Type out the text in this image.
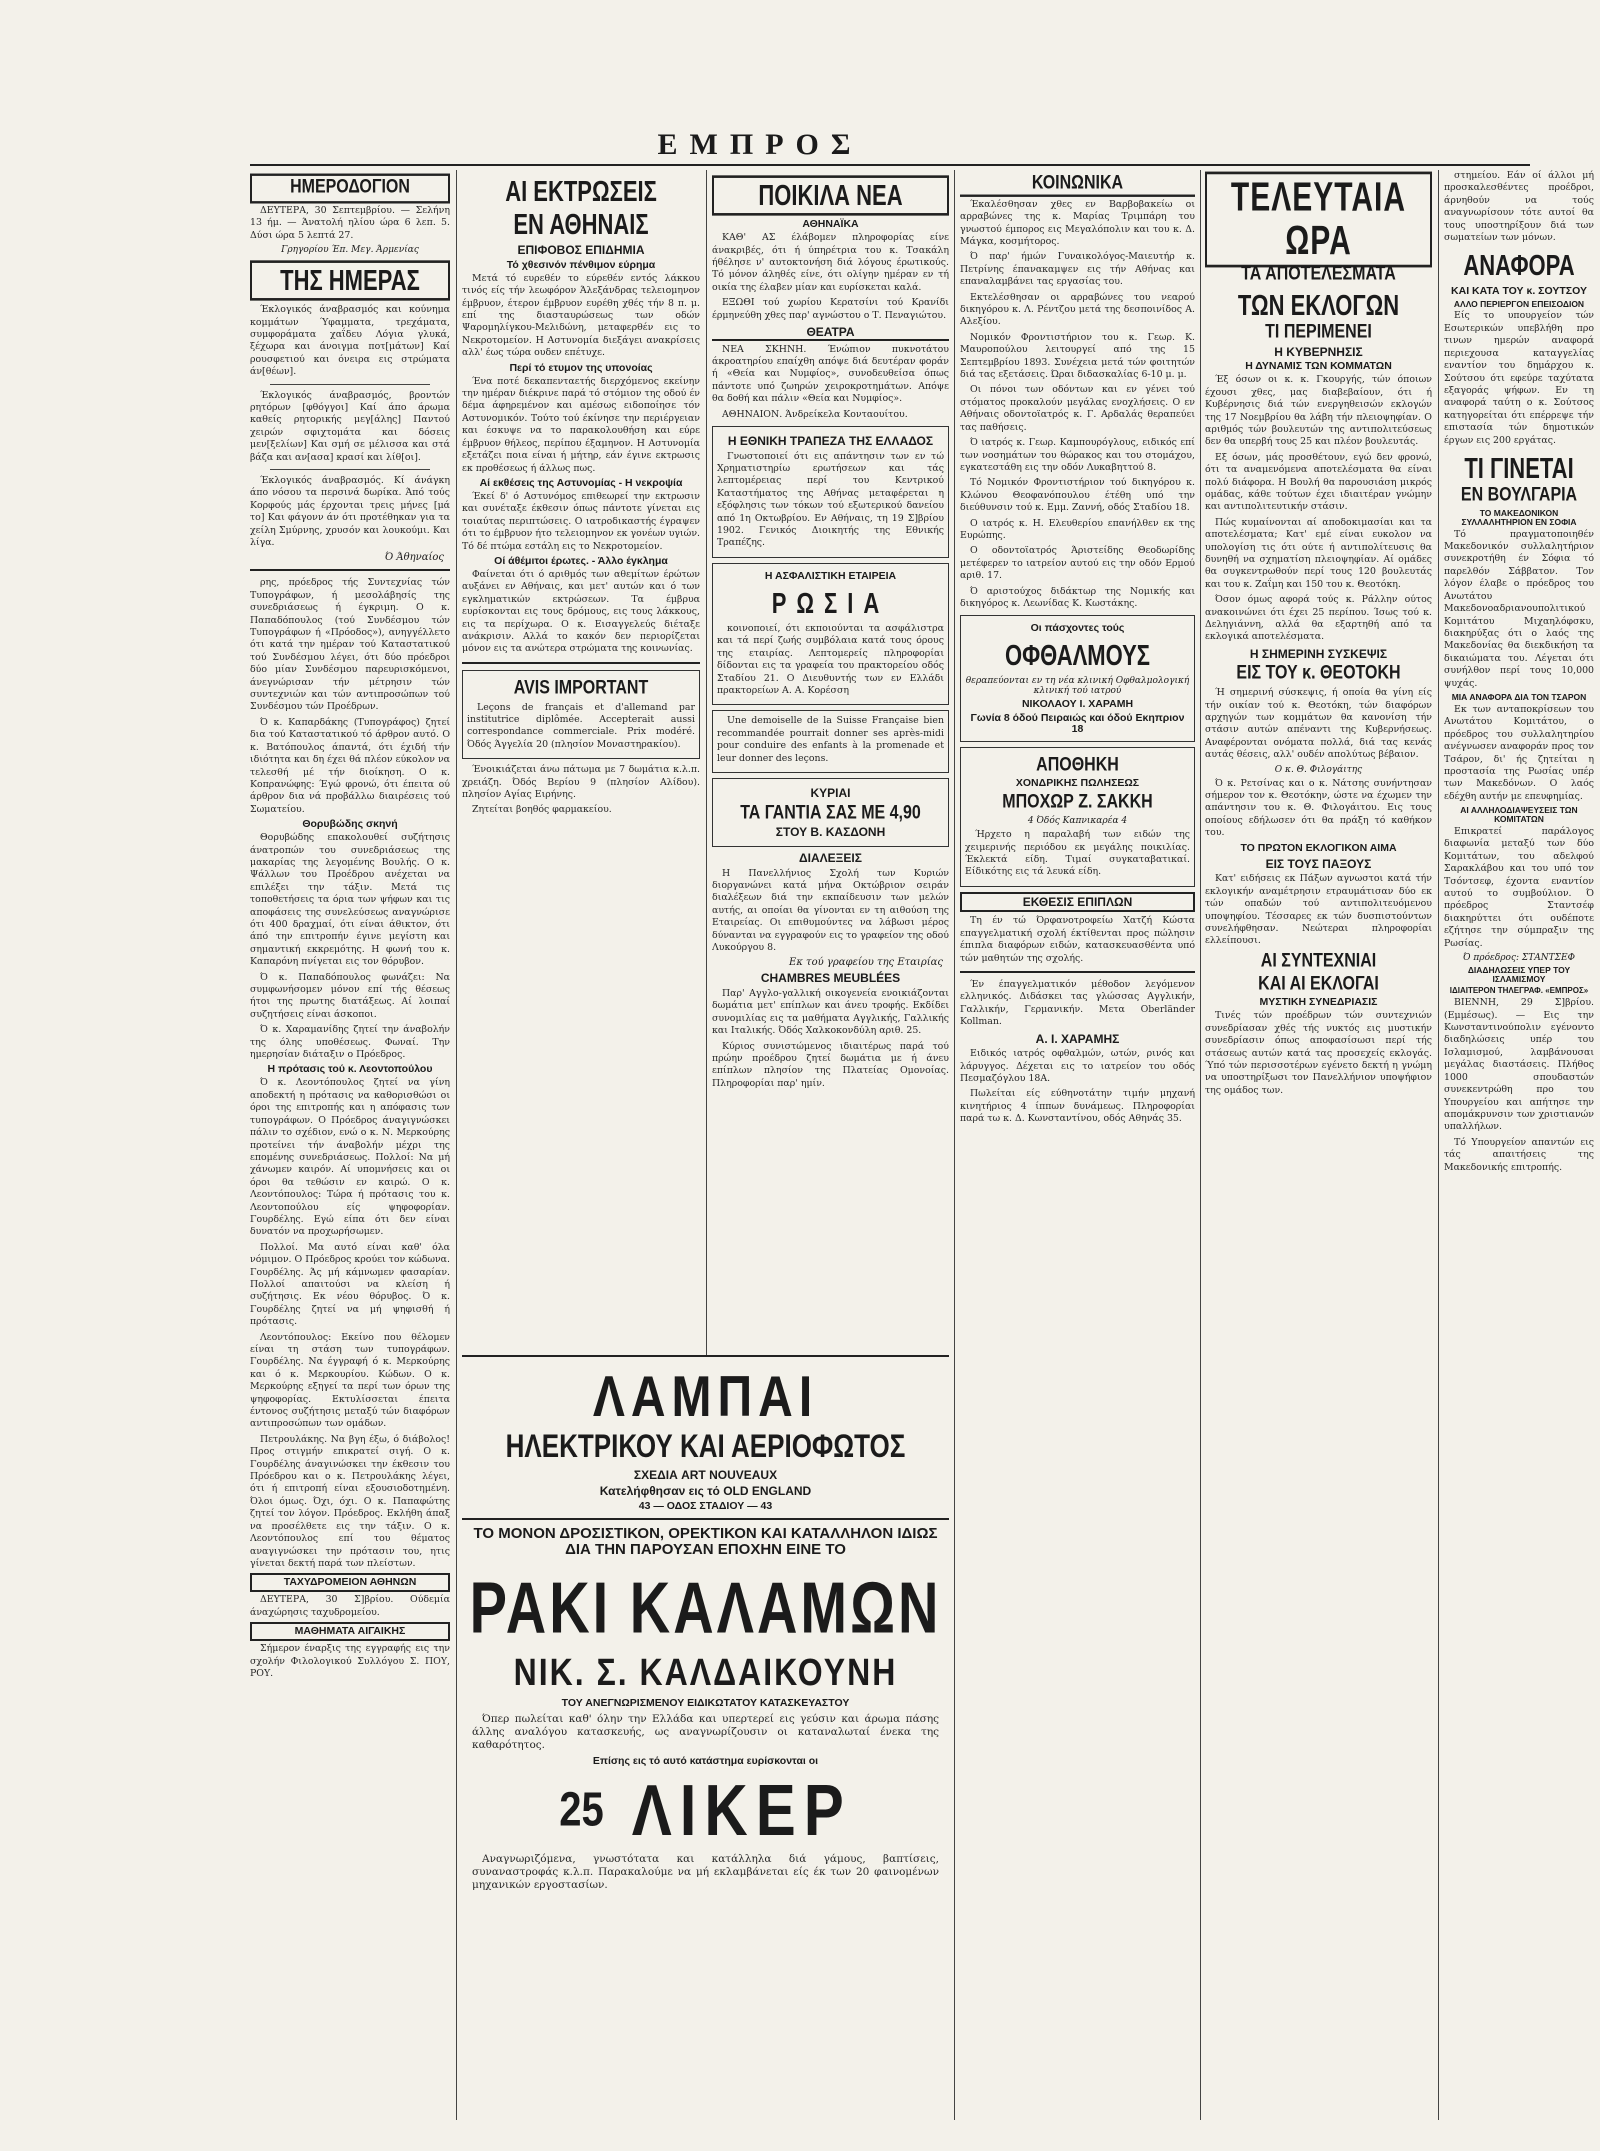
ΕΜΠΡΟΣ
ΗΜΕΡΟΔΟΓΙΟΝ

ΔΕΥΤΕΡΑ, 30 Σεπτεμβρίου. — Σελήνη 13 ήμ. — Άνατολή ηλίου ώρα 6 λεπ. 5. Δύσι ώρα 5 λεπτά 27.

Γρηγορίου Έπ. Μεγ. Άρμενίας
ΤΗΣ ΗΜΕΡΑΣ

Έκλογικός άναβρασμός και κούνημα κομμάτων Ύφαμματα, τρεχάματα, συμφοράματα χαΐδευ Λόγια γλυκά, ξέχωρα και άνοιγμα ποτ[μάτων] Καί ρουσφετιού και όνειρα εις στρώματα άν[θέων].

Έκλογικός άναβρασμός, βροντών ρητόρων [φθόγγοι] Καί άπο άρωμα καθείς ρητορικής μεγ[άλης] Παντού χειρών σφιχτομάτα και δόσεις μεν[ξελίων] Και σμή σε μέλισσα και στά βάζα και αν[ασα] κρασί και λίθ[οι].

Έκλογικός άναβρασμός. Κί άνάγκη άπο νόσου τα περσινά δωρίκα. Άπό τούς Κορφούς μάς έρχονται τρεις μήνες [μά το] Και φάγονν άν ότι προτέθηκαν για τα χείλη Σμύρνης, χρυσόν και λουκούμι. Και λίγα.

Ό Άθηναίος

ρης, πρόεδρος τής Συντεχνίας τών Τυπογράφων, ή μεσολάβησίς της συνεδριάσεως ή έγκριμη. Ο κ. Παπαδόπουλος (τού Συνδέσμου τών Τυπογράφων ή «Πρόοδος»), ανηγγέλλετο ότι κατά την ημέραν τού Καταστατικού τού Συνδέσμου λέγει, ότι δύο πρόεδροι δύο μίαν Συνδέσμου παρευρισκόμενοι, άνεγνώρισαν τήν μέτρησιν τών συντεχνιών και τών αντιπροσώπων τού Συνδέσμου τών Προέδρων.

Ό κ. Καπαρδάκης (Τυπογράφος) ζητεί δια τού Καταστατικού τό άρθρον αυτό. Ο κ. Βατόπουλος άπαντά, ότι έχιδή τήν ιδιότητα και δη έχει θά πλέον εύκολον να τελεσθή μέ τήν διοίκηση. Ο κ. Κοπρανώφης: Έγώ φρονώ, ότι έπειτα ού άρθρον δια νά προβάλλω διαιρέσεις τού Σωματείου.

Θορυβώδης σκηνή

Θορυβώδης επακολουθεί συζήτησις άνατροπών του συνεδριάσεως της μακαρίας της λεγομένης Βουλής. Ο κ. Ψάλλων του Προέδρου ανέχεται να επιλέξει την τάξιν. Μετά τις τοποθετήσεις τα όρια των ψήφων και τις αποφάσεις της συνελεύσεως αναγνώρισε ότι 400 δραχμαί, ότι είναι άθικτον, ότι άπό την επιτροπήν έγινε μεγίστη και σημαντική εκκρεμότης. Η φωνή του κ. Καπαρόνη πνίγεται εις τον θόρυβον.

Ό κ. Παπαδόπουλος φωνάζει: Να συμφωνήσομεν μόνον επί τής θέσεως ήτοι της πρωτης διατάξεως. Αί λοιπαί συζητήσεις είναι άσκοποι.

Ό κ. Χαραμανίδης ζητεί την άναβολήν της όλης υποθέσεως. Φωναί. Την ημερησίαν διάταξιν ο Πρόεδρος.

Η πρότασις τού κ. Λεοντοπούλου

Ό κ. Λεοντόπουλος ζητεί να γίνη αποδεκτή η πρότασις να καθορισθώσι οι όροι της επιτροπής και η απόφασις των τυπογράφων. Ο Πρόεδρος άναγιγνώσκει πάλιν το σχέδιον, ενώ ο κ. Ν. Μερκούρης προτείνει τήν άναβολήν μέχρι της επομένης συνεδριάσεως. Πολλοί: Να μή χάνωμεν καιρόν. Αί υπομνήσεις και οι όροι θα τεθώσιν εν καιρώ. Ο κ. Λεοντόπουλος: Τώρα ή πρότασις του κ. Λεοντοπούλου είς ψηφοφορίαν. Γουρδέλης. Εγώ είπα ότι δεν είναι δυνατόν να προχωρήσωμεν.

Πολλοί. Μα αυτό είναι καθ' όλα νόμιμον. Ο Πρόεδρος κρούει τον κώδωνα. Γουρδέλης. Άς μή κάμνωμεν φασαρίαν. Πολλοί απαιτούσι να κλείση ή συζήτησις. Εκ νέου θόρυβος. Ό κ. Γουρδέλης ζητεί να μή ψηφισθή ή πρότασις.

Λεοντόπουλος: Εκείνο που θέλομεν είναι τη στάση των τυπογράφων. Γουρδέλης. Να έγγραφή ό κ. Μερκούρης και ό κ. Μερκουρίου. Κώδων. Ο κ. Μερκούρης εξηγεί τα περί των όρων της ψηφοφορίας. Εκτυλίσσεται έπειτα έντονος συζήτησις μεταξύ τών διαφόρων αντιπροσώπων των ομάδων.

Πετρουλάκης. Να βγη έξω, ό διάβολος! Προς στιγμήν επικρατεί σιγή. Ο κ. Γουρδέλης άναγινώσκει την έκθεσιν του Πρόεδρου και ο κ. Πετρουλάκης λέγει, ότι ή επιτροπή είναι εξουσιοδοτημένη. Όλοι όμως. Όχι, όχι. Ο κ. Παπαφώτης ζητεί τον λόγον. Πρόεδρος. Εκλήθη άπαξ να προσέλθετε εις την τάξιν. Ο κ. Λεοντόπουλος επί του θέματος αναγιγνώσκει την πρότασιν του, ητις γίνεται δεκτή παρά των πλείστων.

ΤΑΧΥΔΡΟΜΕΙΟΝ ΑΘΗΝΩΝ

ΔΕΥΤΕΡΑ, 30 Σ]βρίου. Ούδεμία άναχώρησις ταχυδρομείου.

ΜΑΘΗΜΑΤΑ ΑΙΓΑΙΚΗΣ

Σήμερον έναρξις της εγγραφής εις την σχολήν Φιλολογικού Συλλόγου Σ. ΠΟΥ, ΡΟΥ.

ΑΙ ΕΚΤΡΩΣΕΙΣ
ΕΝ ΑΘΗΝΑΙΣ
ΕΠΙΦΟΒΟΣ ΕΠΙΔΗΜΙΑ
Τό χθεσινόν πένθιμον εύρημα

Μετά τό ευρεθέν το εύρεθέν εντός λάκκου τινός είς τήν λεωφόρον Άλεξάνδρας τελειομηνον έμβρυον, έτερον έμβρυον ευρέθη χθές τήν 8 π. μ. επί της διασταυρώσεως των οδών Ψαρομηλίγκου-Μελιδώνη, μεταφερθέν εις το Νεκροτομείον. Η Αστυνομία διεξάγει ανακρίσεις αλλ' έως τώρα ουδεν επέτυχε.

Περί τό ετυμον της υπονοίας

Ένα ποτέ δεκαπενταετής διερχόμενος εκείνην την ημέραν διέκρινε παρά τό στόμιον της οδού έν δέμα άφηρεμένον και αμέσως ειδοποίησε τόν Αστυνομικόν. Τούτο τού έκίνησε την περιέργειαν και έσκυψε να το παρακολουθήση και εύρε έμβρυον θήλεος, περίπου έξαμηνον. Η Αστυνομία εξετάζει ποια είναι ή μήτηρ, εάν έγινε εκτρωσις εκ προθέσεως ή άλλως πως.

Αί εκθέσεις της Αστυνομίας - Η νεκροψία

Έκεί δ' ό Αστυνόμος επιθεωρεί την εκτρωσιν και συνέταξε έκθεσιν όπως πάντοτε γίνεται εις τοιαύτας περιπτώσεις. Ο ιατροδικαστής έγραψεν ότι το έμβρυον ήτο τελειομηνον εκ γονέων υγιών. Τό δέ πτώμα εστάλη εις το Νεκροτομείον.

Οί άθέμιτοι έρωτες. - Άλλο έγκλημα

Φαίνεται ότι ό αριθμός των αθεμίτων έρώτων αυξάνει εν Αθήναις, και μετ' αυτών και ό των εγκληματικών εκτρώσεων. Τα έμβρυα ευρίσκονται εις τους δρόμους, εις τους λάκκους, εις τα περίχωρα. Ο κ. Εισαγγελεύς διέταξε ανάκρισιν. Αλλά το κακόν δεν περιορίζεται μόνον εις τα ανώτερα στρώματα της κοινωνίας.

AVIS IMPORTANT

Leçons de français et d'allemand par institutrice diplômée. Accepterait aussi correspondance commerciale. Prix modéré. Όδός Άγγελία 20 (πλησίον Μοναστηρακίου).

Ένοικιάζεται άνω πάτωμα με 7 δωμάτια κ.λ.π. χρειάζη. Όδός Βερίου 9 (πλησίον Αλίδου). πλησίον Αγίας Ειρήνης.

Ζητείται βοηθός φαρμακείου.

ΠΟΙΚΙΛΑ ΝΕΑ
ΑΘΗΝΑΪΚΑ

ΚΑΘ' ΑΣ έλάβομεν πληροφορίας είνε άνακριβές, ότι ή ύπηρέτρια του κ. Τσακάλη ήθέλησε ν' αυτοκτονήση διά λόγους έρωτικούς. Τό μόνον άληθές είνε, ότι ολίγην ημέραν εν τή οικία της έλαβεν μίαν και ευρίσκεται καλά.

ΕΞΩΘΙ τού χωρίου Κερατσίνι τού Κρανίδι έρμηνεύθη χθες παρ' αγνώστου ο Τ. Πεναγιώτου.

ΘΕΑΤΡΑ

ΝΕΑ ΣΚΗΝΗ. Ένώπιον πυκνοτάτου άκροατηρίου επαίχθη απόψε διά δευτέραν φοράν ή «Θεία και Νυμφίος», συνοδευθείσα όπως πάντοτε υπό ζωηρών χειροκροτημάτων. Απόψε θα δοθή και πάλιν «Θεία και Νυμφίος».

ΑΘΗΝΑΙΟΝ. Άνδρείκελα Κονταουίτου.

Η ΕΘΝΙΚΗ ΤΡΑΠΕΖΑ ΤΗΣ ΕΛΛΑΔΟΣ

Γνωστοποιεί ότι εις απάντησιν των εν τώ Χρηματιστηρίω ερωτήσεων και τάς λεπτομέρειας περί του Κεντρικού Καταστήματος της Αθήνας μεταφέρεται η εξόφλησις των τόκων τού εξωτερικού δανείου από 1η Οκτωβρίου. Εν Αθήναις, τη 19 Σ]βρίου 1902. Γενικός Διοικητής της Εθνικής Τραπέζης.

Η ΑΣΦΑΛΙΣΤΙΚΗ ΕΤΑΙΡΕΙΑ
ΡΩΣΙΑ

κοινοποιεί, ότι εκποιούνται τα ασφάλιστρα και τά περί ζωής συμβόλαια κατά τους όρους της εταιρίας. Λεπτομερείς πληροφορίαι δίδονται εις τα γραφεία του πρακτορείου οδός Σταδίου 21. Ο Διευθυντής των εν Ελλάδι πρακτορείων Α. Α. Κορέσση

Une demoiselle de la Suisse Française bien recommandée pourrait donner ses après-midi pour conduire des enfants à la promenade et leur donner des leçons.

ΚΥΡΙΑΙ
ΤΑ ΓΑΝΤΙΑ ΣΑΣ ΜΕ 4,90
ΣΤΟΥ Β. ΚΑΣΔΟΝΗ
ΔΙΑΛΕΞΕΙΣ

Η Πανελλήνιος Σχολή των Κυριών διοργανώνει κατά μήνα Οκτώβριον σειράν διαλέξεων διά την εκπαίδευσιν των μελών αυτής, αι οποίαι θα γίνονται εν τη αιθούση της Εταιρείας. Οι επιθυμούντες να λάβωσι μέρος δύνανται να εγγραφούν εις το γραφείον της οδού Λυκούργου 8.

Εκ τού γραφείου της Εταιρίας
CHAMBRES MEUBLÉES

Παρ' Αγγλο-γαλλική οικογενεία ενοικιάζονται δωμάτια μετ' επίπλων και άνευ τροφής. Εκδίδει συνομιλίας εις τα μαθήματα Αγγλικής, Γαλλικής και Ιταλικής. Όδός Χαλκοκονδύλη αριθ. 25.

Κύριος συνιστώμενος ιδιαιτέρως παρά τού πρώην προέδρου ζητεί δωμάτια με ή άνευ επίπλων πλησίον της Πλατείας Ομονοίας. Πληροφορίαι παρ' ημίν.

ΚΟΙΝΩΝΙΚΑ

Έκαλέσθησαν χθες εν Βαρβοβακείω οι αρραβώνες της κ. Μαρίας Τριμπάρη του γνωστού έμπορος εις Μεγαλόπολιν και του κ. Δ. Μάγκα, κοσμήτορος.

Ό παρ' ήμών Γυναικολόγος-Μαιευτήρ κ. Πετρίνης έπανακαμψεν εις τήν Αθήνας και επαναλαμβάνει τας εργασίας του.

Εκτελέσθησαν οι αρραβώνες του νεαρού δικηγόρου κ. Λ. Ρέντζου μετά της δεσποινίδος Α. Αλεξίου.

Νομικόν Φροντιστήριον του κ. Γεωρ. Κ. Μαυροπούλου λειτουργεί από της 15 Σεπτεμβρίου 1893. Συνέχεια μετά τών φοιτητών διά τας εξετάσεις. Ώραι διδασκαλίας 6-10 μ. μ.

Οι πόνοι των οδόντων και εν γένει τού στόματος προκαλούν μεγάλας ενοχλήσεις. Ο εν Αθήναις οδοντοϊατρός κ. Γ. Αρδαλάς θεραπεύει τας παθήσεις.

Ό ιατρός κ. Γεωρ. Καμπουρόγλους, ειδικός επί των νοσημάτων του θώρακος και του στομάχου, εγκατεστάθη εις την οδόν Λυκαβηττού 8.

Τό Νομικόν Φροντιστήριον τού δικηγόρου κ. Κλώνου Θεοφανόπουλου έτέθη υπό την διεύθυνσιν τού κ. Εμμ. Ζαννή, οδός Σταδίου 18.

Ο ιατρός κ. Η. Ελευθερίου επανήλθεν εκ της Ευρώπης.

Ο οδοντοϊατρός Άριστείδης Θεοδωρίδης μετέφερεν το ιατρείον αυτού εις την οδόν Ερμού αριθ. 17.

Ό αριστούχος διδάκτωρ της Νομικής και δικηγόρος κ. Λεωνίδας Κ. Κωστάκης.

Οι πάσχοντες τούς
ΟΦΘΑΛΜΟΥΣ
θεραπεύονται εν τη νέα κλινική Οφθαλμολογική κλινική τού ιατρού
ΝΙΚΟΛΑΟΥ Ι. ΧΑΡΑΜΗ
Γωνία 8 όδού Πειραιώς και όδού Εκηπριον 18
ΑΠΟΘΗΚΗ
ΧΟΝΔΡΙΚΗΣ ΠΩΛΗΣΕΩΣ
ΜΠΟΧΩΡ Ζ. ΣΑΚΚΗ
4 Όδός Καπνικαρέα 4

Ήρχετο η παραλαβή των ειδών της χειμερινής περιόδου εκ μεγάλης ποικιλίας. Έκλεκτά είδη. Τιμαί συγκαταβατικαί. Είδικότης εις τά λευκά είδη.

ΕΚΘΕΣΙΣ ΕΠΙΠΛΩΝ

Τη έν τώ Όρφανοτροφείω Χατζή Κώστα επαγγελματική σχολή έκτίθενται προς πώλησιν έπιπλα διαφόρων ειδών, κατασκευασθέντα υπό τών μαθητών της σχολής.

Έν έπαγγελματικόν μέθοδον λεγόμενον ελληνικός. Διδάσκει τας γλώσσας Αγγλικήν, Γαλλικήν, Γερμανικήν. Μετα Oberländer Kollman.

Α. Ι. ΧΑΡΑΜΗΣ

Ειδικός ιατρός οφθαλμών, ωτών, ρινός και λάρυγγος. Δέχεται εις το ιατρείον του οδός Πεσμαζόγλου 18Α.

Πωλείται είς εύθηνοτάτην τιμήν μηχανή κινητήριος 4 ίππων δυνάμεως. Πληροφορίαι παρά τω κ. Δ. Κωνσταντίνου, οδός Αθηνάς 35.

ΤΕΛΕΥΤΑΙΑ ΩΡΑ
ΤΑ ΑΠΟΤΕΛΕΣΜΑΤΑ
ΤΩΝ ΕΚΛΟΓΩΝ
ΤΙ ΠΕΡΙΜΕΝΕΙ
Η ΚΥΒΕΡΝΗΣΙΣ
Η ΔΥΝΑΜΙΣ ΤΩΝ ΚΟΜΜΑΤΩΝ

Έξ όσων οι κ. κ. Γκουργής, τών όποιων έχουσι χθες, μας διαβεβαίουν, ότι ή Κυβέρνησις διά τών ενεργηθεισών εκλογών της 17 Νοεμβρίου θα λάβη τήν πλειοψηφίαν. Ο αριθμός τών βουλευτών της αντιπολιτεύσεως δεν θα υπερβή τους 25 και πλέον βουλευτάς.

Εξ όσων, μάς προσθέτουν, εγώ δεν φρονώ, ότι τα αναμενόμενα αποτελέσματα θα είναι πολύ διάφορα. Η Βουλή θα παρουσιάση μικρός ομάδας, κάθε τούτων έχει ιδιαιτέραν γνώμην και αντιπολιτευτικήν στάσιν.

Πώς κυμαίνονται αί αποδοκιμασίαι και τα αποτελέσματα; Κατ' εμέ είναι ευκολον να υπολογίση τις ότι ούτε ή αντιπολίτευσις θα δυνηθή να σχηματίση πλειοψηφίαν. Αί ομάδες θα συγκεντρωθούν περί τους 120 βουλευτάς και του κ. Ζαΐμη και 150 του κ. Θεοτόκη.

Όσον όμως αφορά τούς κ. Ράλλην ούτος ανακοινώνει ότι έχει 25 περίπου. Ίσως τού κ. Δεληγιάννη, αλλά θα εξαρτηθή από τα εκλογικά αποτελέσματα.

Η ΣΗΜΕΡΙΝΗ ΣΥΣΚΕΨΙΣ
ΕΙΣ ΤΟΥ κ. ΘΕΟΤΟΚΗ

Ή σημερινή σύσκεψις, ή οποία θα γίνη είς τήν οικίαν τού κ. Θεοτόκη, τών διαφόρων αρχηγών των κομμάτων θα κανονίση τήν στάσιν αυτών απέναντι της Κυβερνήσεως. Αναφέρονται ονόματα πολλά, διά τας κενάς αυτάς θέσεις, αλλ' ουδέν απολύτως βέβαιον.

Ο κ. Θ. Φιλογάιτης

Ό κ. Ρετσίνας και ο κ. Νάτσης συνήντησαν σήμερον τον κ. Θεοτόκην, ώστε να έχωμεν την απάντησιν του κ. Θ. Φιλογάιτου. Εις τους οποίους εδήλωσεν ότι θα πράξη τό καθήκον του.

ΤΟ ΠΡΩΤΟΝ ΕΚΛΟΓΙΚΟΝ ΑΙΜΑ
ΕΙΣ ΤΟΥΣ ΠΑΞΟΥΣ

Κατ' ειδήσεις εκ Πάξων αγνωστοι κατά τήν εκλογικήν αναμέτρησιν ετραυμάτισαν δύο εκ τών οπαδών τού αντιπολιτευόμενου υποψηφίου. Τέσσαρες εκ τών δυσπιστούντων συνελήφθησαν. Νεώτεραι πληροφορίαι ελλείπουσι.

ΑΙ ΣΥΝΤΕΧΝΙΑΙ
ΚΑΙ ΑΙ ΕΚΛΟΓΑΙ
ΜΥΣΤΙΚΗ ΣΥΝΕΔΡΙΑΣΙΣ

Τινές τών προέδρων τών συντεχνιών συνεδρίασαν χθές τής νυκτός εις μυστικήν συνεδρίασιν όπως αποφασίσωσι περί τής στάσεως αυτών κατά τας προσεχείς εκλογάς. Ύπό τών περισσοτέρων εγένετο δεκτή η γνώμη να υποστηρίξωσι τον Πανελλήνιον υποψήφιον της ομάδος των.

στημείου. Εάν οί άλλοι μή προσκαλεσθέντες προέδροι, άρνηθούν να τούς αναγνωρίσουν τότε αυτοί θα τους υποστηρίξουν διά των σωματείων των μόνων.

ΑΝΑΦΟΡΑ
ΚΑΙ ΚΑΤΑ ΤΟΥ κ. ΣΟΥΤΣΟΥ
ΑΛΛΟ ΠΕΡΙΕΡΓΟΝ ΕΠΕΙΣΟΔΙΟΝ

Είς το υπουργείον τών Εσωτερικών υπεβλήθη προ τινων ημερών αναφορά περιεχουσα καταγγελίας εναντίον του δημάρχου κ. Σούτσου ότι εφεύρε ταχύτατα εξαγοράς ψήφων. Εν τη αναφορά ταύτη ο κ. Σούτσος κατηγορείται ότι επέρρεψε τήν επιστασία τών δημοτικών έργων εις 200 εργάτας.

ΤΙ ΓΙΝΕΤΑΙ
ΕΝ ΒΟΥΛΓΑΡΙΑ
ΤΟ ΜΑΚΕΔΟΝΙΚΟΝ ΣΥΛΛΑΛΗΤΗΡΙΟΝ ΕΝ ΣΟΦΙΑ

Τό πραγματοποιηθέν Μακεδονικόν συλλαλητήριον συνεκροτήθη έν Σόφια τό παρελθόν Σάββατον. Τον λόγον έλαβε ο πρόεδρος του Ανωτάτου Μακεδονοαδριανουπολιτικού Κομιτάτου Μιχαηλόφσκυ, διακηρύξας ότι ο λαός της Μακεδονίας θα διεκδικήση τα δικαιώματα του. Λέγεται ότι συνήλθον περί τους 10,000 ψυχάς.

ΜΙΑ ΑΝΑΦΟΡΑ ΔΙΑ ΤΟΝ ΤΣΑΡΟΝ

Εκ των ανταποκρίσεων του Ανωτάτου Κομιτάτου, ο πρόεδρος του συλλαλητηρίου ανέγνωσεν αναφοράν προς τον Τσάρον, δι' ής ζητείται η προστασία της Ρωσίας υπέρ των Μακεδόνων. Ο λαός εδέχθη αυτήν με επευφημίας.

ΑΙ ΑΛΛΗΛΟΔΙΑΨΕΥΣΕΙΣ ΤΩΝ ΚΟΜΙΤΑΤΩΝ

Επικρατεί παράλογος διαφωνία μεταξύ των δύο Κομιτάτων, του αδελφού Σαρακλάβου και του υπό τον Τσόντσεφ, έχοντα εναντίον αυτού το συμβούλιον. Ό πρόεδρος Σταντσέφ διακηρύττει ότι ουδέποτε εζήτησε την σύμπραξιν της Ρωσίας.

Ό πρόεδρος: ΣΤΑΝΤΣΕΦ
ΔΙΑΔΗΛΩΣΕΙΣ ΥΠΕΡ ΤΟΥ ΙΣΛΑΜΙΣΜΟΥ
ΙΔΙΑΙΤΕΡΟΝ ΤΗΛΕΓΡΑΦ. «ΕΜΠΡΟΣ»

ΒΙΕΝΝΗ, 29 Σ]βρίου. (Εμμέσως). — Εις την Κωνσταντινούπολιν εγένοντο διαδηλώσεις υπέρ του Ισλαμισμού, λαμβάνουσαι μεγάλας διαστάσεις. Πλήθος 1000 σπουδαστών συνεκεντρώθη προ του Υπουργείου και απήτησε την απομάκρυνσιν των χριστιανών υπαλλήλων.

Τό Υπουργείον απαντών εις τάς απαιτήσεις της Μακεδονικής επιτροπής.

ΛΑΜΠΑΙ
ΗΛΕΚΤΡΙΚΟΥ ΚΑΙ ΑΕΡΙΟΦΩΤΟΣ
ΣΧΕΔΙΑ ART NOUVEAUX
Κατελήφθησαν εις τό OLD ENGLAND
43 — ΟΔΟΣ ΣΤΑΔΙΟΥ — 43
ΤΟ ΜΟΝΟΝ ΔΡΟΣΙΣΤΙΚΟΝ, ΟΡΕΚΤΙΚΟΝ ΚΑΙ ΚΑΤΑΛΛΗΛΟΝ ΙΔΙΩΣ ΔΙΑ ΤΗΝ ΠΑΡΟΥΣΑΝ ΕΠΟΧΗΝ ΕΙΝΕ ΤΟ
ΡΑΚΙ ΚΑΛΑΜΩΝ
ΝΙΚ. Σ. ΚΑΛΔΑΙΚΟΥΝΗ
ΤΟΥ ΑΝΕΓΝΩΡΙΣΜΕΝΟΥ ΕΙΔΙΚΩΤΑΤΟΥ ΚΑΤΑΣΚΕΥΑΣΤΟΥ

Όπερ πωλείται καθ' όλην την Ελλάδα και υπερτερεί εις γεύσιν και άρωμα πάσης άλλης αναλόγου κατασκευής, ως αναγνωρίζουσιν οι καταναλωταί ένεκα της καθαρότητος.

Επίσης εις τό αυτό κατάστημα ευρίσκονται οι
25 ΛΙΚΕΡ

Αναγνωριζόμενα, γνωστότατα και κατάλληλα διά γάμους, βαπτίσεις, συναναστροφάς κ.λ.π. Παρακαλούμε να μή εκλαμβάνεται είς έκ των 20 φαινομένων μηχανικών εργοστασίων.
